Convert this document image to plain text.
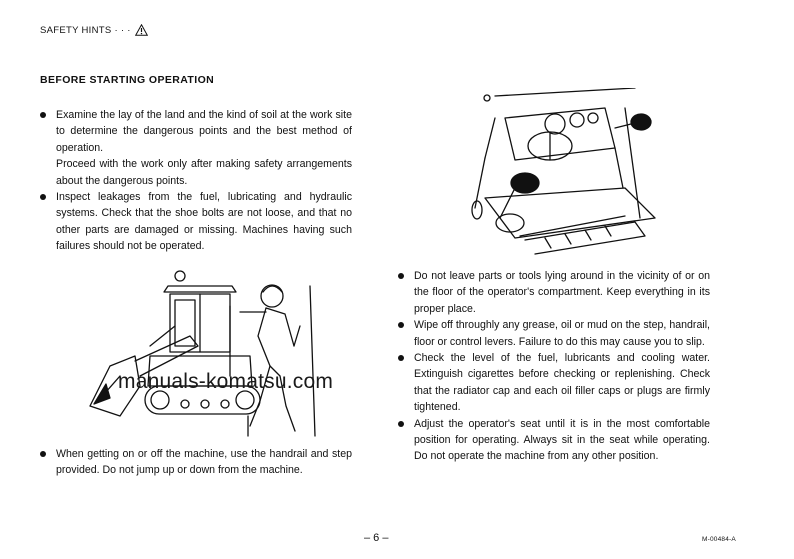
SAFETY HINTS · · ·
BEFORE STARTING OPERATION
Examine the lay of the land and the kind of soil at the work site to determine the dangerous points and the best method of operation.
Proceed with the work only after making safety arrangements about the dangerous points.
Inspect leakages from the fuel, lubricating and hydraulic systems. Check that the shoe bolts are not loose, and that no other parts are damaged or missing. Machines having such failures should not be operated.
When getting on or off the machine, use the handrail and step provided. Do not jump up or down from the machine.
Do not leave parts or tools lying around in the vicinity of or on the floor of the operator's compartment. Keep everything in its proper place.
Wipe off throughly any grease, oil or mud on the step, handrail, floor or control levers. Failure to do this may cause you to slip.
Check the level of the fuel, lubricants and cooling water. Extinguish cigarettes before checking or replenishing. Check that the radiator cap and each oil filler caps or plugs are firmly tightened.
Adjust the operator's seat until it is in the most comfortable position for operating. Always sit in the seat while operating. Do not operate the machine from any other position.
manuals-komatsu.com
– 6 –	M-00484-A
